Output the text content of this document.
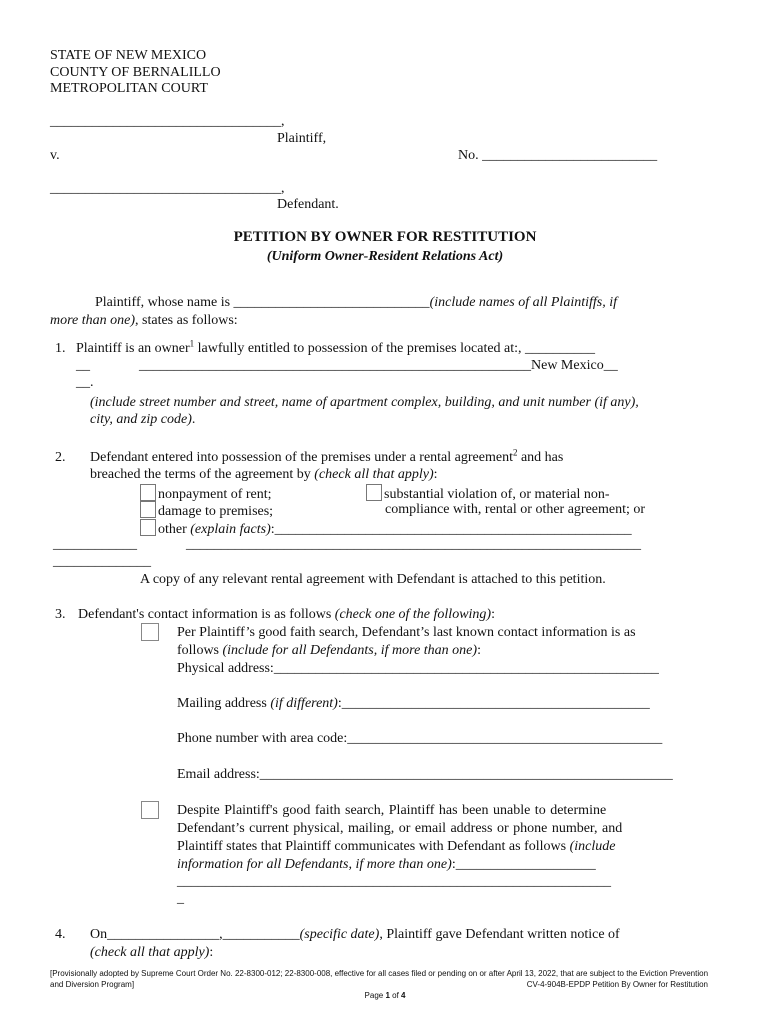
STATE OF NEW MEXICO
COUNTY OF BERNALILLO
METROPOLITAN COURT
_________________________________,
Plaintiff,
v.	No. _________________________
_________________________________,
Defendant.
PETITION BY OWNER FOR RESTITUTION
(Uniform Owner-Resident Relations Act)
Plaintiff, whose name is ____________________________(include names of all Plaintiffs, if
more than one), states as follows:
1. Plaintiff is an owner$^1$ lawfully entitled to possession of the premises located at:, __________
__	________________________________________________________New Mexico__
__.
(include street number and street, name of apartment complex, building, and unit number (if any),
city, and zip code).
2. Defendant entered into possession of the premises under a rental agreement$^2$ and has
breached the terms of the agreement by (check all that apply):
nonpayment of rent;
damage to premises;
other (explain facts):___________________________________________________
substantial violation of, or material non-
compliance with, rental or other agreement; or
____________	_________________________________________________________________
______________
A copy of any relevant rental agreement with Defendant is attached to this petition.
3. Defendant's contact information is as follows (check one of the following):
Per Plaintiff’s good faith search, Defendant’s last known contact information is as
follows (include for all Defendants, if more than one):
Physical address:_______________________________________________________
Mailing address (if different):____________________________________________
Phone number with area code:_____________________________________________
Email address:___________________________________________________________
Despite Plaintiff's good faith search, Plaintiff has been unable to determine
Defendant’s current physical, mailing, or email address or phone number, and
Plaintiff states that Plaintiff communicates with Defendant as follows (include
information for all Defendants, if more than one):____________________
______________________________________________________________
_
4. On________________,___________(specific date), Plaintiff gave Defendant written notice of
(check all that apply):
[Provisionally adopted by Supreme Court Order No. 22-8300-012; 22-8300-008, effective for all cases filed or pending on or after April 13, 2022, that are subject to the Eviction Prevention
and Diversion Program]	CV-4-904B-EPDP Petition By Owner for Restitution
Page 1 of 4
